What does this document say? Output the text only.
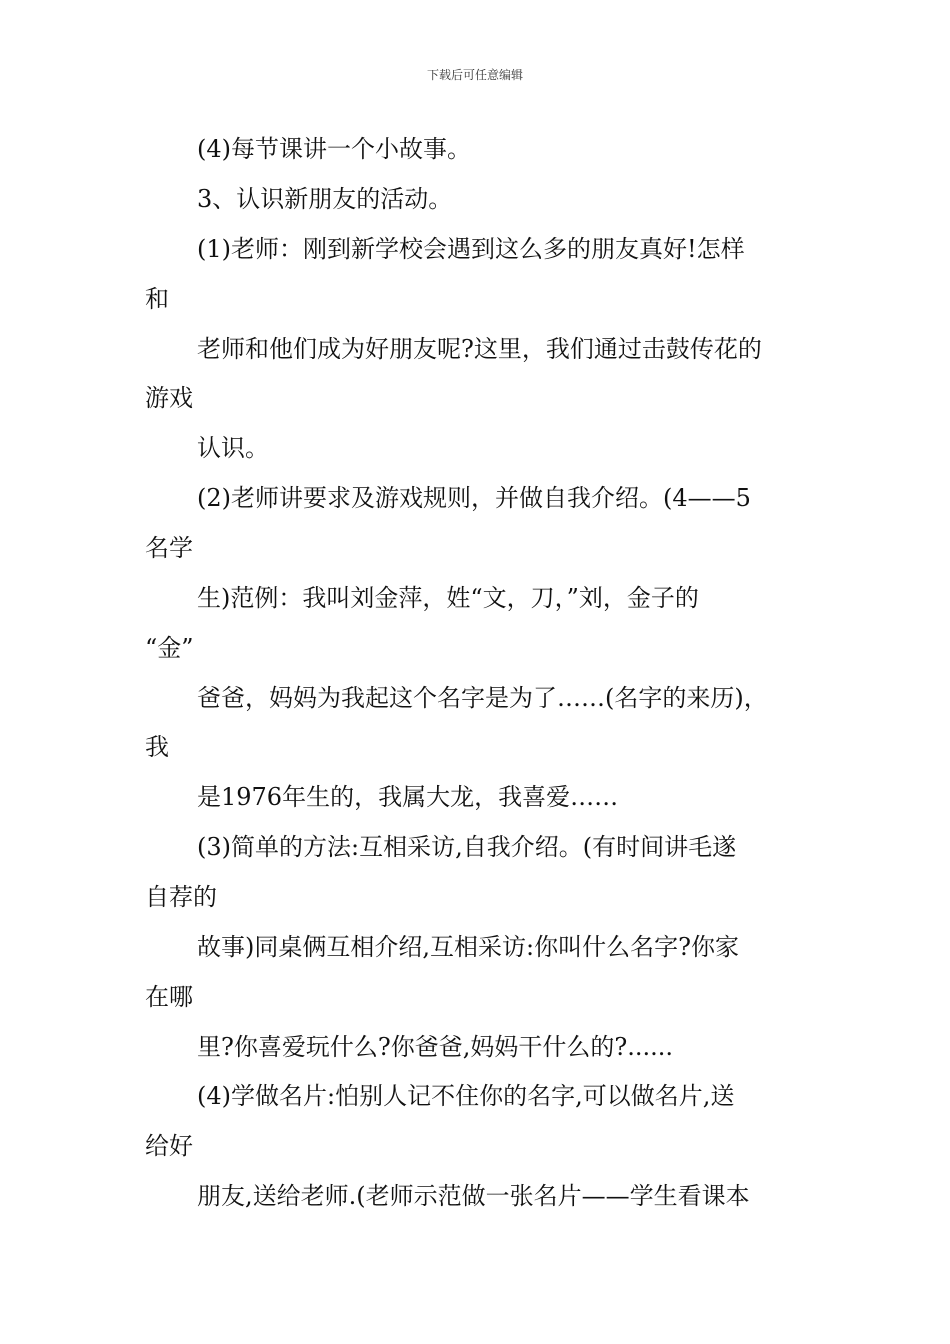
下载后可任意编辑
(4)每节课讲一个小故事。
3、认识新朋友的活动。
(1)老师：刚到新学校会遇到这么多的朋友真好!怎样
和
老师和他们成为好朋友呢?这里，我们通过击鼓传花的
游戏
认识。
(2)老师讲要求及游戏规则，并做自我介绍。(4——5
名学
生)范例：我叫刘金萍，姓“文，刀，”刘，金子的
“金”
爸爸，妈妈为我起这个名字是为了……(名字的来历)，
我
是1976年生的，我属大龙，我喜爱……
(3)简单的方法:互相采访,自我介绍。(有时间讲毛遂
自荐的
故事)同桌俩互相介绍,互相采访:你叫什么名字?你家
在哪
里?你喜爱玩什么?你爸爸,妈妈干什么的?......
(4)学做名片:怕别人记不住你的名字,可以做名片,送
给好
朋友,送给老师.(老师示范做一张名片——学生看课本
